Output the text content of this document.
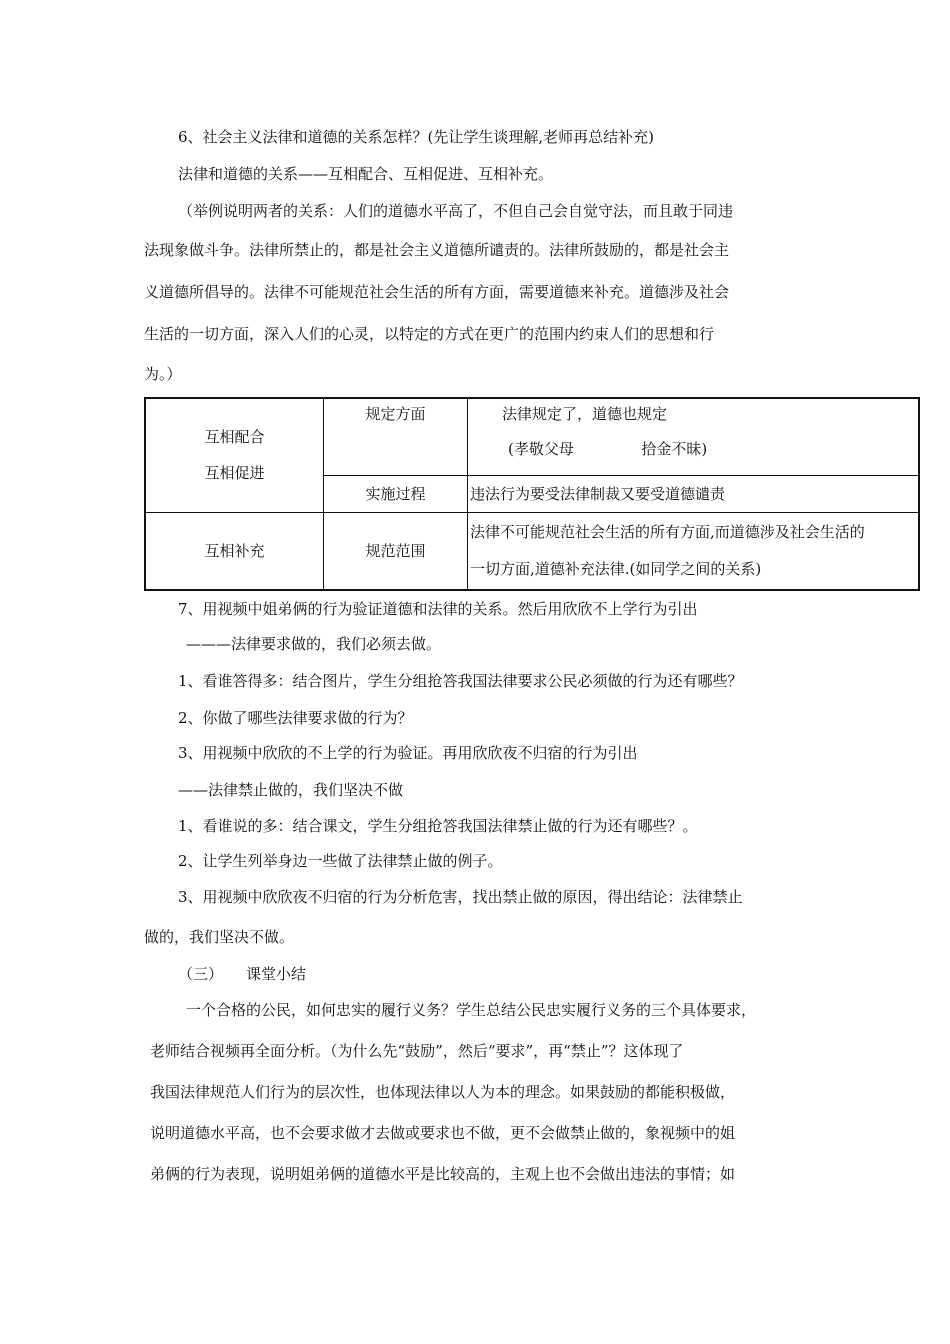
6、社会主义法律和道德的关系怎样？(先让学生谈理解,老师再总结补充)
法律和道德的关系——互相配合、互相促进、互相补充。
（举例说明两者的关系：人们的道德水平高了，不但自己会自觉守法，而且敢于同违
法现象做斗争。法律所禁止的，都是社会主义道德所谴责的。法律所鼓励的，都是社会主
义道德所倡导的。法律不可能规范社会生活的所有方面，需要道德来补充。道德涉及社会
生活的一切方面，深入人们的心灵，以特定的方式在更广的范围内约束人们的思想和行
为。）
互相配合
互相促进	规定方面	法律规定了，道德也规定
(孝敬父母 拾金不昧)

	实施过程	违法行为要受法律制裁又要受道德谴责
互相补充	规范范围	法律不可能规范社会生活的所有方面,而道德涉及社会生活的
一切方面,道德补充法律.(如同学之间的关系)
7、用视频中姐弟俩的行为验证道德和法律的关系。然后用欣欣不上学行为引出
———法律要求做的，我们必须去做。
1、看谁答得多：结合图片，学生分组抢答我国法律要求公民必须做的行为还有哪些？
2、你做了哪些法律要求做的行为？
3、用视频中欣欣的不上学的行为验证。再用欣欣夜不归宿的行为引出
——法律禁止做的，我们坚决不做
1、看谁说的多：结合课文，学生分组抢答我国法律禁止做的行为还有哪些？。
2、让学生列举身边一些做了法律禁止做的例子。
3、用视频中欣欣夜不归宿的行为分析危害，找出禁止做的原因，得出结论：法律禁止
做的，我们坚决不做。
（三） 课堂小结
一个合格的公民，如何忠实的履行义务？学生总结公民忠实履行义务的三个具体要求，
老师结合视频再全面分析。（为什么先“鼓励”，然后“要求”，再“禁止”？这体现了
我国法律规范人们行为的层次性，也体现法律以人为本的理念。如果鼓励的都能积极做，
说明道德水平高，也不会要求做才去做或要求也不做，更不会做禁止做的，象视频中的姐
弟俩的行为表现，说明姐弟俩的道德水平是比较高的，主观上也不会做出违法的事情；如
